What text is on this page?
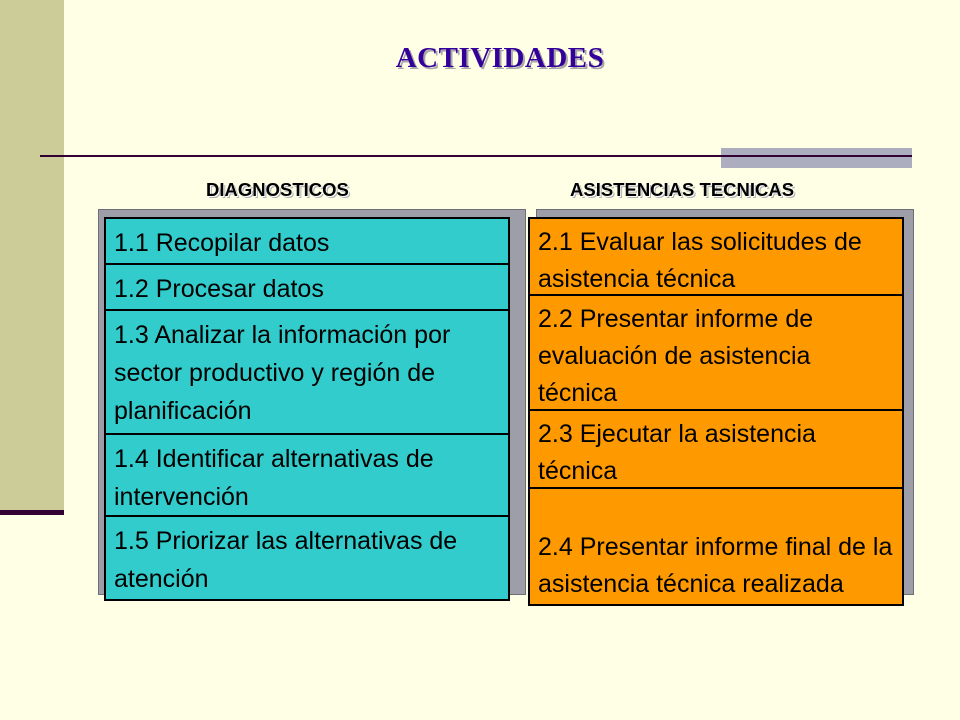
ACTIVIDADES
DIAGNOSTICOS	ASISTENCIAS TECNICAS
1.1 Recopilar datos
1.2 Procesar datos
1.3 Analizar la información por sector productivo y región de planificación
1.4 Identificar alternativas de intervención
1.5 Priorizar las alternativas de atención
2.1 Evaluar las solicitudes de asistencia técnica
2.2 Presentar informe de evaluación de asistencia técnica
2.3 Ejecutar la asistencia técnica
2.4 Presentar informe final de la asistencia técnica realizada
